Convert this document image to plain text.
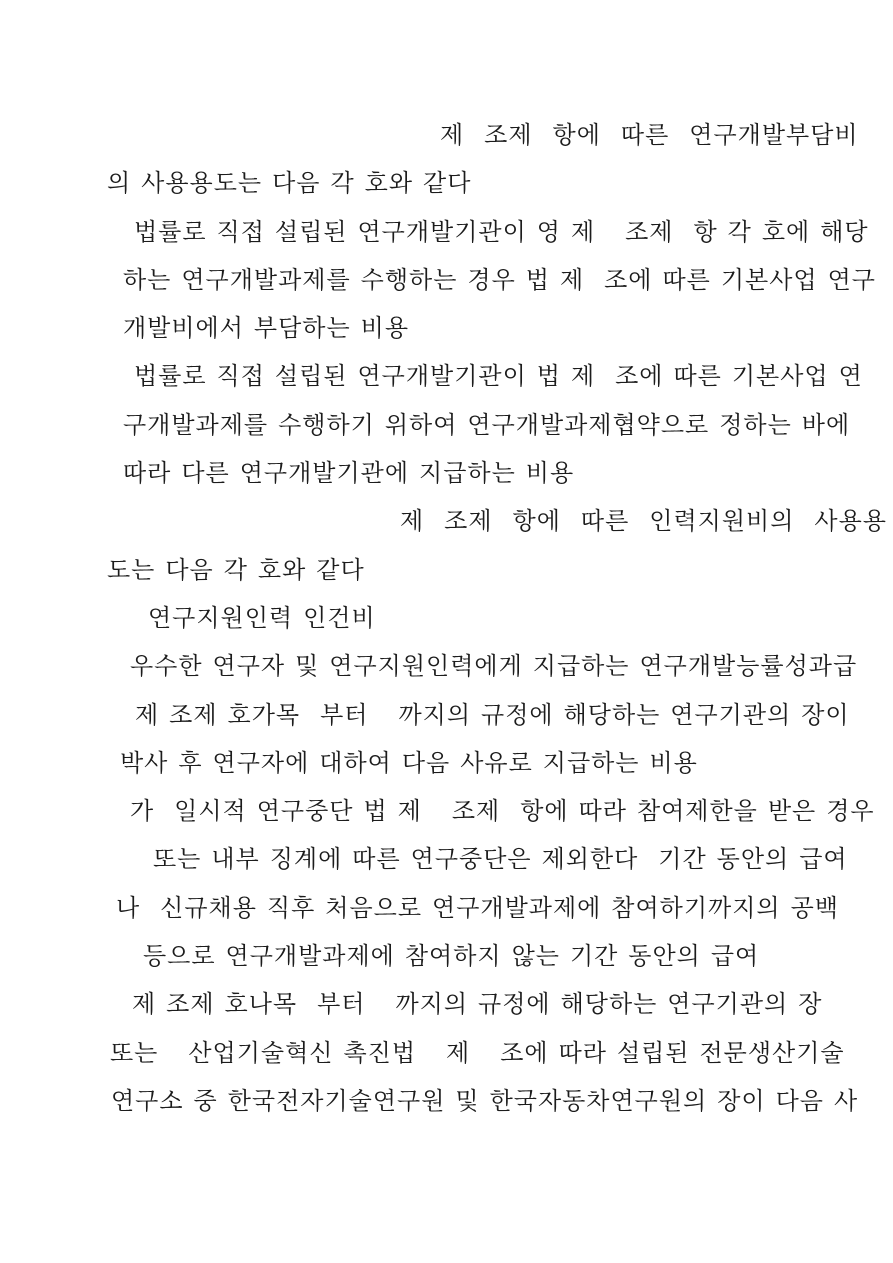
제  조제  항에  따른  연구개발부담비
의 사용용도는 다음 각 호와 같다
법률로 직접 설립된 연구개발기관이 영 제   조제  항 각 호에 해당
하는 연구개발과제를 수행하는 경우 법 제  조에 따른 기본사업 연구
개발비에서 부담하는 비용
법률로 직접 설립된 연구개발기관이 법 제  조에 따른 기본사업 연
구개발과제를 수행하기 위하여 연구개발과제협약으로 정하는 바에
따라 다른 연구개발기관에 지급하는 비용
제  조제  항에  따른  인력지원비의  사용용
도는 다음 각 호와 같다
연구지원인력 인건비
우수한 연구자 및 연구지원인력에게 지급하는 연구개발능률성과급
제 조제 호가목  부터   까지의 규정에 해당하는 연구기관의 장이
박사 후 연구자에 대하여 다음 사유로 지급하는 비용
가  일시적 연구중단 법 제   조제  항에 따라 참여제한을 받은 경우
또는 내부 징계에 따른 연구중단은 제외한다  기간 동안의 급여
나  신규채용 직후 처음으로 연구개발과제에 참여하기까지의 공백
등으로 연구개발과제에 참여하지 않는 기간 동안의 급여
제 조제 호나목  부터   까지의 규정에 해당하는 연구기관의 장
또는   산업기술혁신 촉진법   제   조에 따라 설립된 전문생산기술
연구소 중 한국전자기술연구원 및 한국자동차연구원의 장이 다음 사
